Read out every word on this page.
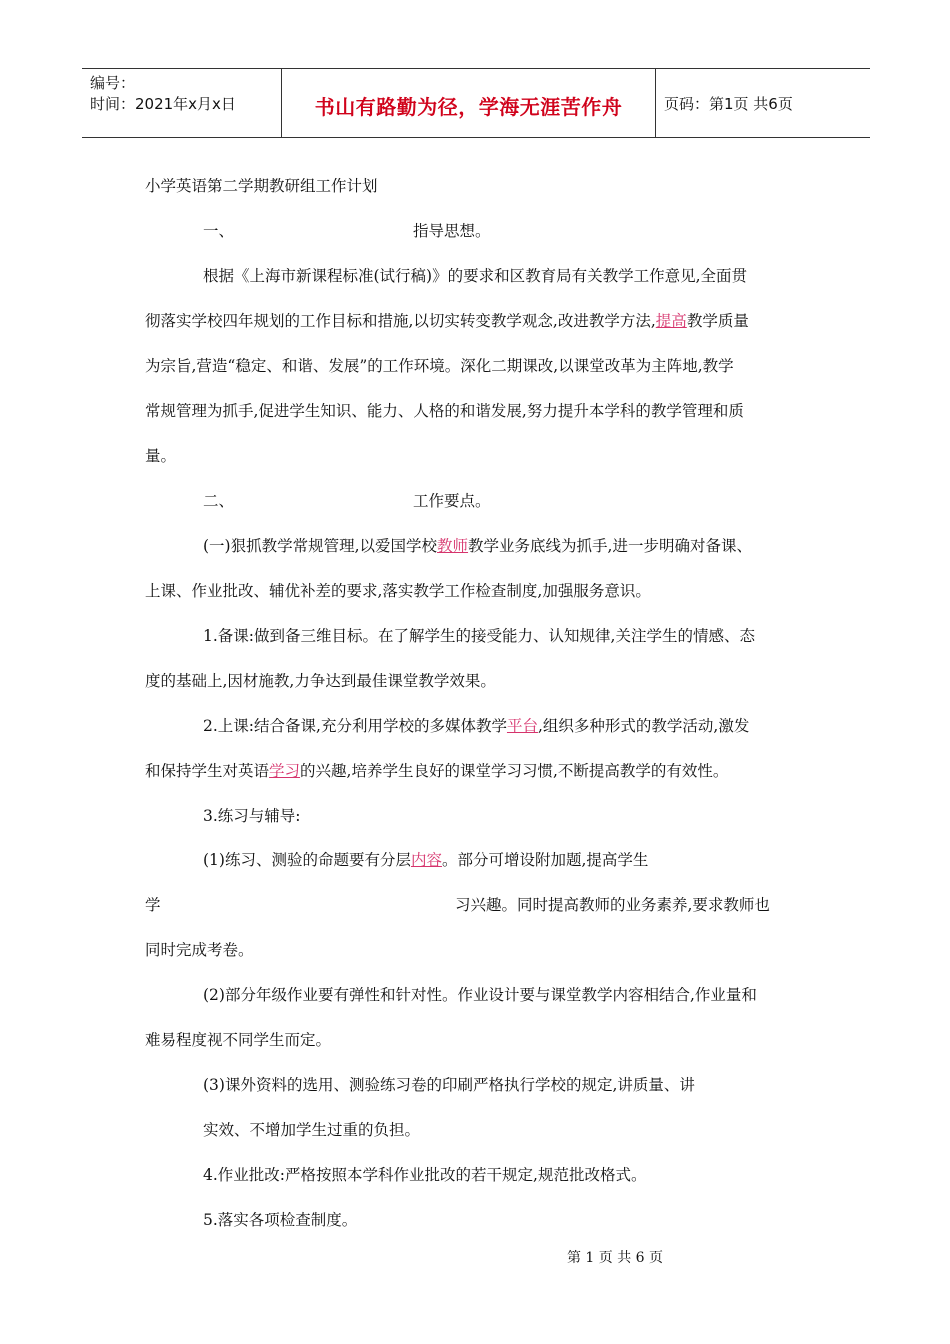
编号：
时间：2021年x月x日	书山有路勤为径，学海无涯苦作舟	页码：第1页 共6页
小学英语第二学期教研组工作计划
一、	指导思想。
根据《上海市新课程标准(试行稿)》的要求和区教育局有关教学工作意见,全面贯
彻落实学校四年规划的工作目标和措施,以切实转变教学观念,改进教学方法,提高教学质量
为宗旨,营造“稳定、和谐、发展”的工作环境。深化二期课改,以课堂改革为主阵地,教学
常规管理为抓手,促进学生知识、能力、人格的和谐发展,努力提升本学科的教学管理和质
量。
二、	工作要点。
(一)狠抓教学常规管理,以爱国学校教师教学业务底线为抓手,进一步明确对备课、
上课、作业批改、辅优补差的要求,落实教学工作检查制度,加强服务意识。
1.备课:做到备三维目标。在了解学生的接受能力、认知规律,关注学生的情感、态
度的基础上,因材施教,力争达到最佳课堂教学效果。
2.上课:结合备课,充分利用学校的多媒体教学平台,组织多种形式的教学活动,激发
和保持学生对英语学习的兴趣,培养学生良好的课堂学习习惯,不断提高教学的有效性。
3.练习与辅导:
(1)练习、测验的命题要有分层内容。部分可增设附加题,提高学生
学	习兴趣。同时提高教师的业务素养,要求教师也
同时完成考卷。
(2)部分年级作业要有弹性和针对性。作业设计要与课堂教学内容相结合,作业量和
难易程度视不同学生而定。
(3)课外资料的选用、测验练习卷的印刷严格执行学校的规定,讲质量、讲
实效、不增加学生过重的负担。
4.作业批改:严格按照本学科作业批改的若干规定,规范批改格式。
5.落实各项检查制度。
第 1 页 共 6 页
